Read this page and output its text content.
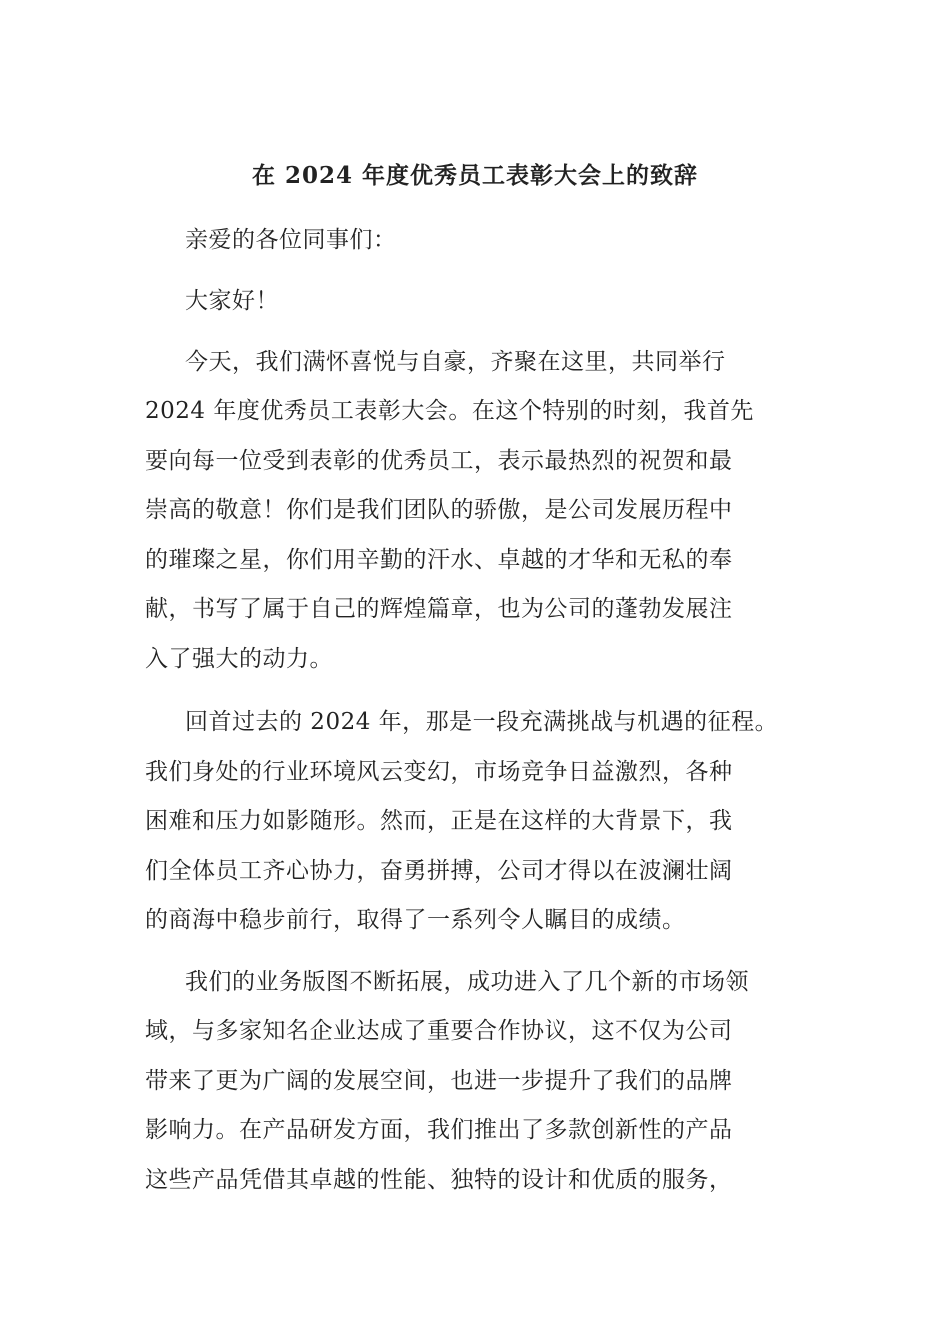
在 2024 年度优秀员工表彰大会上的致辞
亲爱的各位同事们：
大家好！
今天，我们满怀喜悦与自豪，齐聚在这里，共同举行
2024 年度优秀员工表彰大会。在这个特别的时刻，我首先
要向每一位受到表彰的优秀员工，表示最热烈的祝贺和最
崇高的敬意！你们是我们团队的骄傲，是公司发展历程中
的璀璨之星，你们用辛勤的汗水、卓越的才华和无私的奉
献，书写了属于自己的辉煌篇章，也为公司的蓬勃发展注
入了强大的动力。
回首过去的 2024 年，那是一段充满挑战与机遇的征程。
我们身处的行业环境风云变幻，市场竞争日益激烈，各种
困难和压力如影随形。然而，正是在这样的大背景下，我
们全体员工齐心协力，奋勇拼搏，公司才得以在波澜壮阔
的商海中稳步前行，取得了一系列令人瞩目的成绩。
我们的业务版图不断拓展，成功进入了几个新的市场领
域，与多家知名企业达成了重要合作协议，这不仅为公司
带来了更为广阔的发展空间，也进一步提升了我们的品牌
影响力。在产品研发方面，我们推出了多款创新性的产品
这些产品凭借其卓越的性能、独特的设计和优质的服务，
